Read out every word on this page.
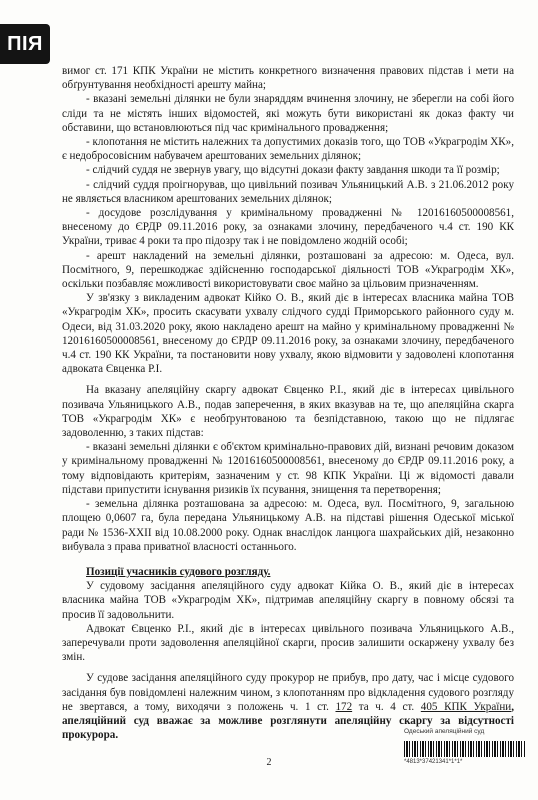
ПІЯ

вимог ст. 171 КПК України не містить конкретного визначення правових підстав і мети на обґрунтування необхідності арешту майна;

- вказані земельні ділянки не були знаряддям вчинення злочину, не зберегли на собі його сліди та не містять інших відомостей, які можуть бути використані як доказ факту чи обставини, що встановлюються під час кримінального провадження;

- клопотання не містить належних та допустимих доказів того, що ТОВ «Украгродім ХК», є недобросовісним набувачем арештованих земельних ділянок;

- слідчий суддя не звернув увагу, що відсутні докази факту завдання шкоди та її розмір;

- слідчий суддя проігнорував, що цивільний позивач Ульяницький А.В. з 21.06.2012 року не являється власником арештованих земельних ділянок;

- досудове розслідування у кримінальному провадженні № 12016160500008561, внесеному до ЄРДР 09.11.2016 року, за ознаками злочину, передбаченого ч.4 ст. 190 КК України, триває 4 роки та про підозру так і не повідомлено жодній особі;

- арешт накладений на земельні ділянки, розташовані за адресою: м. Одеса, вул. Посмітного, 9, перешкоджає здійсненню господарської діяльності ТОВ «Украгродім ХК», оскільки позбавляє можливості використовувати своє майно за цільовим призначенням.

У зв'язку з викладеним адвокат Кійко О. В., який діє в інтересах власника майна ТОВ «Украгродім ХК», просить скасувати ухвалу слідчого судді Приморського районного суду м. Одеси, від 31.03.2020 року, якою накладено арешт на майно у кримінальному провадженні № 12016160500008561, внесеному до ЄРДР 09.11.2016 року, за ознаками злочину, передбаченого ч.4 ст. 190 КК України, та постановити нову ухвалу, якою відмовити у задоволені клопотання адвоката Євценка Р.І.

На вказану апеляційну скаргу адвокат Євценко Р.І., який діє в інтересах цивільного позивача Ульяницького А.В., подав заперечення, в яких вказував на те, що апеляційна скарга ТОВ «Украгродім ХК» є необґрунтованою та безпідставною, такою що не підлягає задоволенню, з таких підстав:

- вказані земельні ділянки є об'єктом кримінально-правових дій, визнані речовим доказом у кримінальному провадженні № 12016160500008561, внесеному до ЄРДР 09.11.2016 року, а тому відповідають критеріям, зазначеним у ст. 98 КПК України. Ці ж відомості давали підстави припустити існування ризиків їх псування, знищення та перетворення;

- земельна ділянка розташована за адресою: м. Одеса, вул. Посмітного, 9, загальною площею 0,0607 га, була передана Ульяницькому А.В. на підставі рішення Одеської міської ради № 1536-ХХІІ від 10.08.2000 року. Однак внаслідок ланцюга шахрайських дій, незаконно вибувала з права приватної власності останнього.

Позиції учасників судового розгляду.

У судовому засідання апеляційного суду адвокат Кійка О. В., який діє в інтересах власника майна ТОВ «Украгродім ХК», підтримав апеляційну скаргу в повному обсязі та просив її задовольнити.

Адвокат Євценко Р.І., який діє в інтересах цивільного позивача Ульяницького А.В., заперечували проти задоволення апеляційної скарги, просив залишити оскаржену ухвалу без змін.

У судове засідання апеляційного суду прокурор не прибув, про дату, час і місце судового засідання був повідомлені належним чином, з клопотанням про відкладення судового розгляду не звертався, а тому, виходячи з положень ч. 1 ст. 172 та ч. 4 ст. 405 КПК України, апеляційний суд вважає за можливе розглянути апеляційну скаргу за відсутності прокурора.	Одеський апеляційний суд
*4813*37421341*1*1*
2
